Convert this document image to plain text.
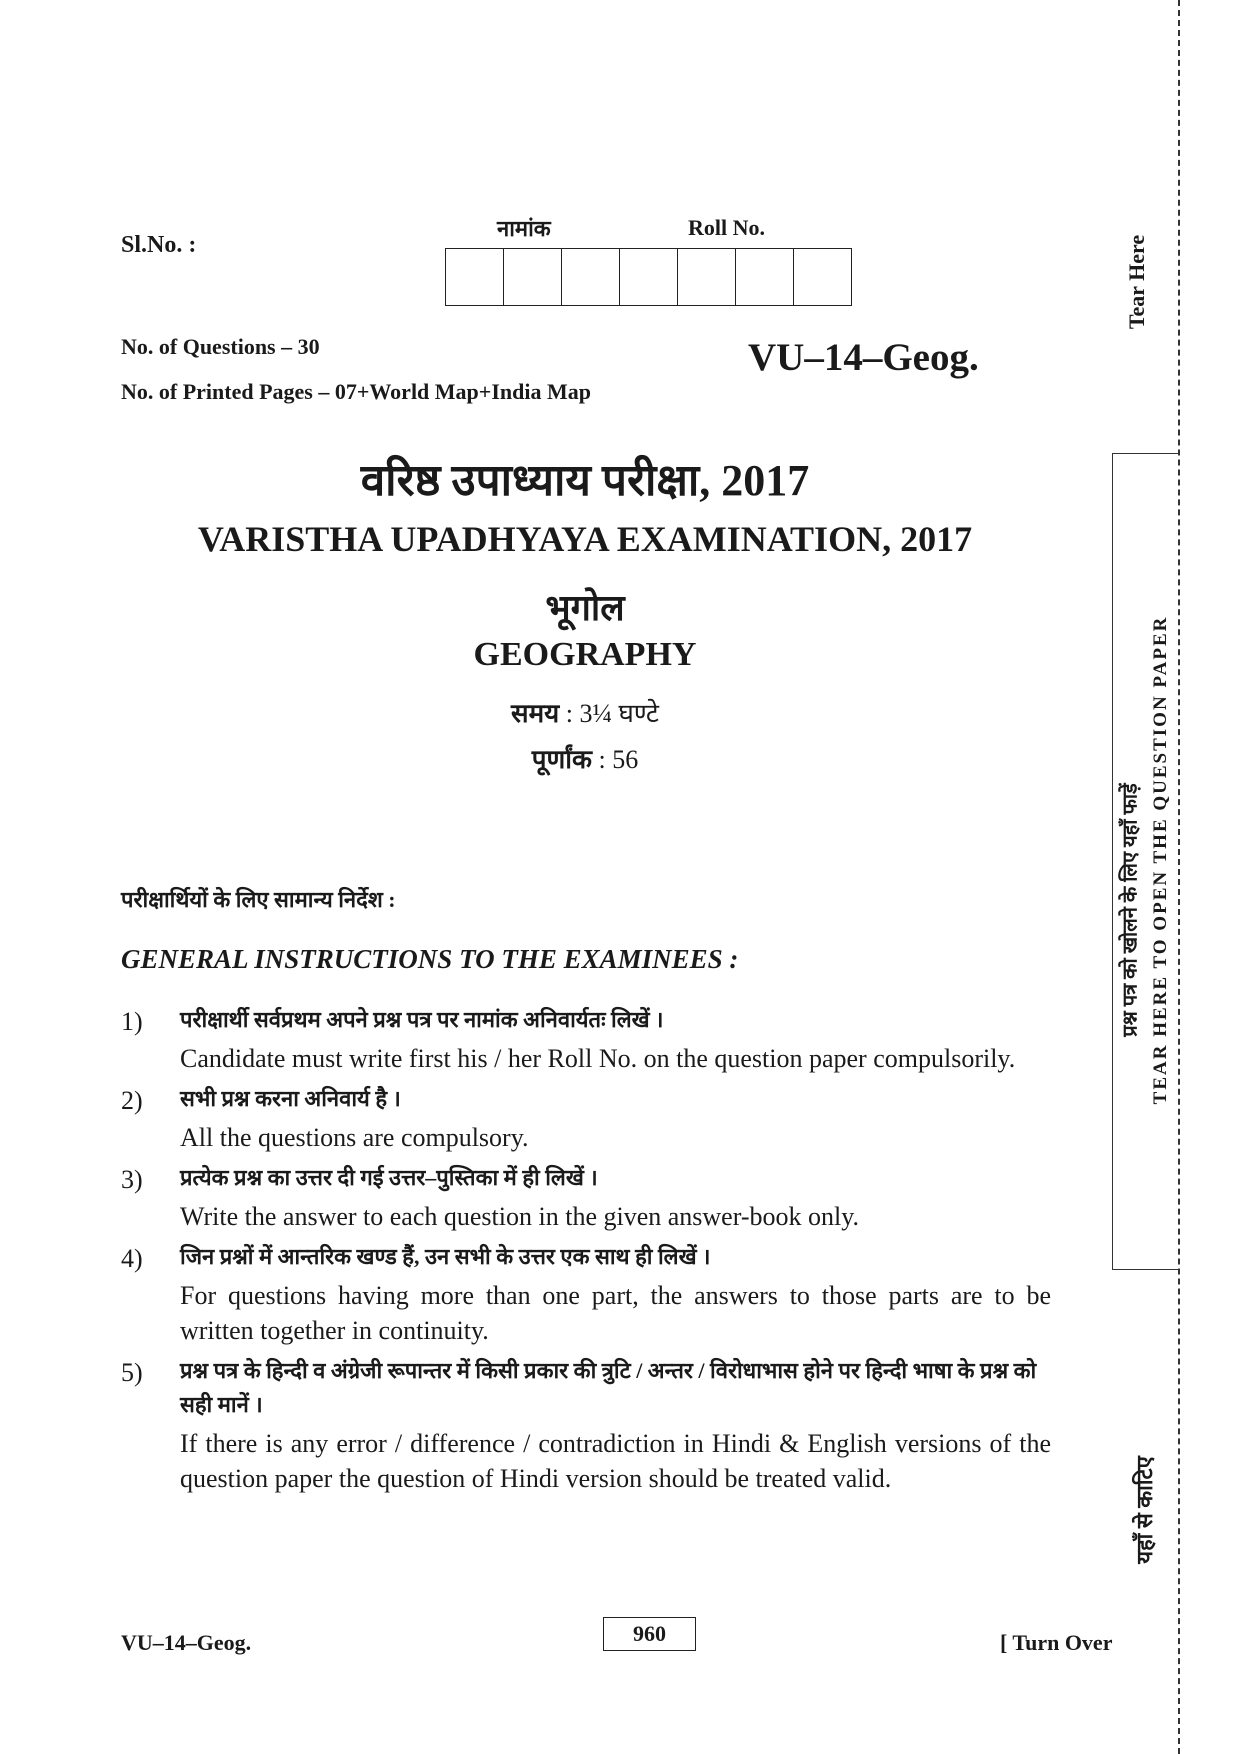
Sl.No. :
नामांक	Roll No.
No. of Questions – 30
No. of Printed Pages – 07+World Map+India Map
VU–14–Geog.
वरिष्ठ उपाध्याय परीक्षा, 2017
VARISTHA UPADHYAYA EXAMINATION, 2017
भूगोल
GEOGRAPHY
समय : 3¼ घण्टे
पूर्णांक : 56
परीक्षार्थियों के लिए सामान्य निर्देश :
GENERAL INSTRUCTIONS TO THE EXAMINEES :
1)	परीक्षार्थी सर्वप्रथम अपने प्रश्न पत्र पर नामांक अनिवार्यतः लिखें ।
Candidate must write first his / her Roll No. on the question paper compulsorily.
2)	सभी प्रश्न करना अनिवार्य है ।
All the questions are compulsory.
3)	प्रत्येक प्रश्न का उत्तर दी गई उत्तर–पुस्तिका में ही लिखें ।
Write the answer to each question in the given answer-book only.
4)	जिन प्रश्नों में आन्तरिक खण्ड हैं, उन सभी के उत्तर एक साथ ही लिखें ।
For questions having more than one part, the answers to those parts are to be written together in continuity.
5)	प्रश्न पत्र के हिन्दी व अंग्रेजी रूपान्तर में किसी प्रकार की त्रुटि / अन्तर / विरोधाभास होने पर हिन्दी भाषा के प्रश्न को सही मानें ।
If there is any error / difference / contradiction in Hindi & English versions of the question paper the question of Hindi version should be treated valid.
VU–14–Geog.	960	[ Turn Over
Tear Here
प्रश्न पत्र को खोलने के लिए यहाँ फाड़ें TEAR HERE TO OPEN THE QUESTION PAPER
यहाँ से काटिए
